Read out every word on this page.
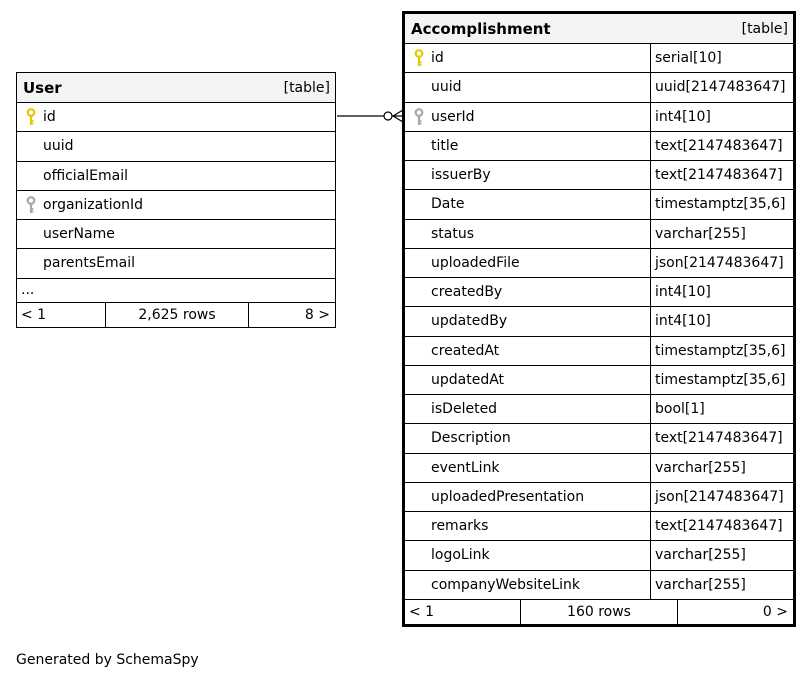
User	[table]
id
uuid
officialEmail
organizationId
userName
parentsEmail
...
< 1	2,625 rows	8 >
Accomplishment	[table]
id	serial[10]
uuid	uuid[2147483647]
userId	int4[10]
title	text[2147483647]
issuerBy	text[2147483647]
Date	timestamptz[35,6]
status	varchar[255]
uploadedFile	json[2147483647]
createdBy	int4[10]
updatedBy	int4[10]
createdAt	timestamptz[35,6]
updatedAt	timestamptz[35,6]
isDeleted	bool[1]
Description	text[2147483647]
eventLink	varchar[255]
uploadedPresentation	json[2147483647]
remarks	text[2147483647]
logoLink	varchar[255]
companyWebsiteLink	varchar[255]
< 1	160 rows	0 >
Generated by SchemaSpy
